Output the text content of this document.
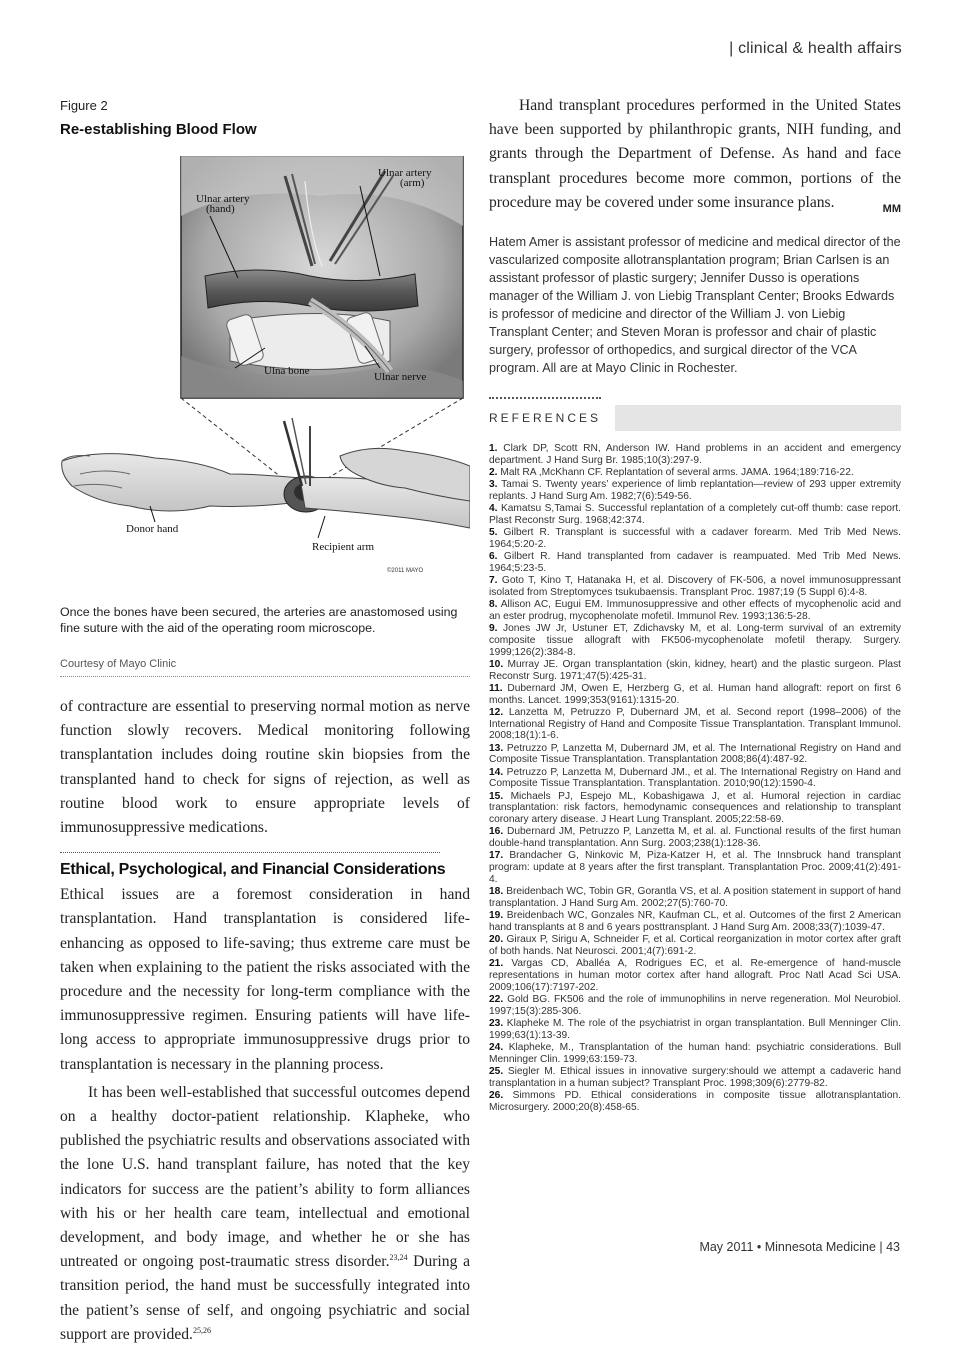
| clinical & health affairs
Figure 2
Re-establishing Blood Flow
Ulnar artery
(hand)
Ulnar artery
(arm)
Ulna bone	Ulnar nerve
Donor hand
Recipient arm
©2011 MAYO

Once the bones have been secured, the arteries are anastomosed using fine suture with the aid of the operating room microscope.

Courtesy of Mayo Clinic

of contracture are essential to preserving normal motion as nerve function slowly recovers. Medical monitoring following transplantation includes doing routine skin biopsies from the transplanted hand to check for signs of rejection, as well as routine blood work to ensure appropriate levels of immunosuppressive medications.

Ethical, Psychological, and Financial Considerations

Ethical issues are a foremost consideration in hand transplantation. Hand transplantation is considered life-enhancing as opposed to life-saving; thus extreme care must be taken when explaining to the patient the risks associated with the procedure and the necessity for long-term compliance with the immunosuppressive regimen. Ensuring patients will have life-long access to appropriate immunosuppressive drugs prior to transplantation is necessary in the planning process.

It has been well-established that successful outcomes depend on a healthy doctor-patient relationship. Klapheke, who published the psychiatric results and observations associated with the lone U.S. hand transplant failure, has noted that the key indicators for success are the patient’s ability to form alliances with his or her health care team, intellectual and emotional development, and body image, and whether he or she has untreated or ongoing post-traumatic stress disorder.$^{23,24}$ During a transition period, the hand must be successfully integrated into the patient’s sense of self, and ongoing psychiatric and social support are provided.$^{25,26}$

Hand transplant procedures performed in the United States have been supported by philanthropic grants, NIH funding, and grants through the Department of Defense. As hand and face transplant procedures become more common, portions of the procedure may be covered under some insurance plans.	MM

Hatem Amer is assistant professor of medicine and medical director of the vascularized composite allotransplantation program; Brian Carlsen is an assistant professor of plastic surgery; Jennifer Dusso is operations manager of the William J. von Liebig Transplant Center; Brooks Edwards is professor of medicine and director of the William J. von Liebig Transplant Center; and Steven Moran is professor and chair of plastic surgery, professor of orthopedics, and surgical director of the VCA program. All are at Mayo Clinic in Rochester.

REFERENCES
1. Clark DP, Scott RN, Anderson IW. Hand problems in an accident and emergency department. J Hand Surg Br. 1985;10(3):297-9.
2. Malt RA ,McKhann CF. Replantation of several arms. JAMA. 1964;189:716-22.
3. Tamai S. Twenty years’ experience of limb replantation—review of 293 upper extremity replants. J Hand Surg Am. 1982;7(6):549-56.
4. Kamatsu S,Tamai S. Successful replantation of a completely cut-off thumb: case report. Plast Reconstr Surg. 1968;42:374.
5. Gilbert R. Transplant is successful with a cadaver forearm. Med Trib Med News. 1964;5:20-2.
6. Gilbert R. Hand transplanted from cadaver is reampuated. Med Trib Med News. 1964;5:23-5.
7. Goto T, Kino T, Hatanaka H, et al. Discovery of FK-506, a novel immunosuppressant isolated from Streptomyces tsukubaensis. Transplant Proc. 1987;19 (5 Suppl 6):4-8.
8. Allison AC, Eugui EM. Immunosuppressive and other effects of mycophenolic acid and an ester prodrug, mycophenolate mofetil. Immunol Rev. 1993;136:5-28.
9. Jones JW Jr, Ustuner ET, Zdichavsky M, et al. Long-term survival of an extremity composite tissue allograft with FK506-mycophenolate mofetil therapy. Surgery. 1999;126(2):384-8.
10. Murray JE. Organ transplantation (skin, kidney, heart) and the plastic surgeon. Plast Reconstr Surg. 1971;47(5):425-31.
11. Dubernard JM, Owen E, Herzberg G, et al. Human hand allograft: report on first 6 months. Lancet. 1999;353(9161):1315-20.
12. Lanzetta M, Petruzzo P, Dubernard JM, et al. Second report (1998–2006) of the International Registry of Hand and Composite Tissue Transplantation. Transplant Immunol. 2008;18(1):1-6.
13. Petruzzo P, Lanzetta M, Dubernard JM, et al. The International Registry on Hand and Composite Tissue Transplantation. Transplantation 2008;86(4):487-92.
14. Petruzzo P, Lanzetta M, Dubernard JM., et al. The International Registry on Hand and Composite Tissue Transplantation. Transplantation. 2010;90(12):1590-4.
15. Michaels PJ, Espejo ML, Kobashigawa J, et al. Humoral rejection in cardiac transplantation: risk factors, hemodynamic consequences and relationship to transplant coronary artery disease. J Heart Lung Transplant. 2005;22:58-69.
16. Dubernard JM, Petruzzo P, Lanzetta M, et al. al. Functional results of the first human double-hand transplantation. Ann Surg. 2003;238(1):128-36.
17. Brandacher G, Ninkovic M, Piza-Katzer H, et al. The Innsbruck hand transplant program: update at 8 years after the first transplant. Transplantation Proc. 2009;41(2):491-4.
18. Breidenbach WC, Tobin GR, Gorantla VS, et al. A position statement in support of hand transplantation. J Hand Surg Am. 2002;27(5):760-70.
19. Breidenbach WC, Gonzales NR, Kaufman CL, et al. Outcomes of the first 2 American hand transplants at 8 and 6 years posttransplant. J Hand Surg Am. 2008;33(7):1039-47.
20. Giraux P, Sirigu A, Schneider F, et al. Cortical reorganization in motor cortex after graft of both hands. Nat Neurosci. 2001;4(7):691-2.
21. Vargas CD, Aballéa A, Rodrigues EC, et al. Re-emergence of hand-muscle representations in human motor cortex after hand allograft. Proc Natl Acad Sci USA. 2009;106(17):7197-202.
22. Gold BG. FK506 and the role of immunophilins in nerve regeneration. Mol Neurobiol. 1997;15(3):285-306.
23. Klapheke M. The role of the psychiatrist in organ transplantation. Bull Menninger Clin. 1999;63(1):13-39.
24. Klapheke, M., Transplantation of the human hand: psychiatric considerations. Bull Menninger Clin. 1999;63:159-73.
25. Siegler M. Ethical issues in innovative surgery:should we attempt a cadaveric hand transplantation in a human subject? Transplant Proc. 1998;309(6):2779-82.
26. Simmons PD. Ethical considerations in composite tissue allotransplantation. Microsurgery. 2000;20(8):458-65.
May 2011 • Minnesota Medicine | 43
